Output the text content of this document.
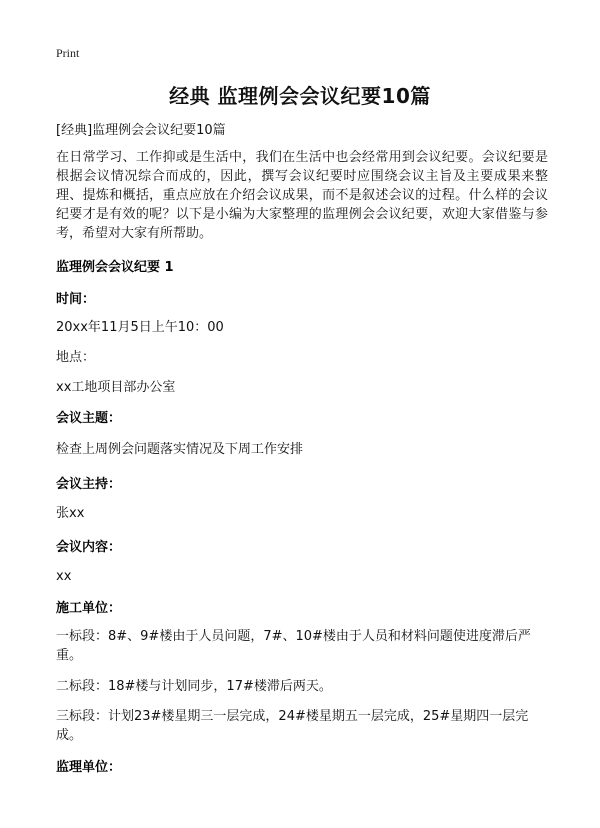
Print
经典 监理例会会议纪要10篇

[经典]监理例会会议纪要10篇

在日常学习、工作抑或是生活中，我们在生活中也会经常用到会议纪要。会议纪要是根据会议情况综合而成的，因此，撰写会议纪要时应围绕会议主旨及主要成果来整理、提炼和概括，重点应放在介绍会议成果，而不是叙述会议的过程。什么样的会议纪要才是有效的呢？以下是小编为大家整理的监理例会会议纪要，欢迎大家借鉴与参考，希望对大家有所帮助。

监理例会会议纪要 1

时间：

20xx年11月5日上午10：00

地点：

xx工地项目部办公室

会议主题：

检查上周例会问题落实情况及下周工作安排

会议主持：

张xx

会议内容：

xx

施工单位：

一标段：8#、9#楼由于人员问题，7#、10#楼由于人员和材料问题使进度滞后严重。

二标段：18#楼与计划同步，17#楼滞后两天。

三标段：计划23#楼星期三一层完成，24#楼星期五一层完成，25#星期四一层完成。

监理单位：
